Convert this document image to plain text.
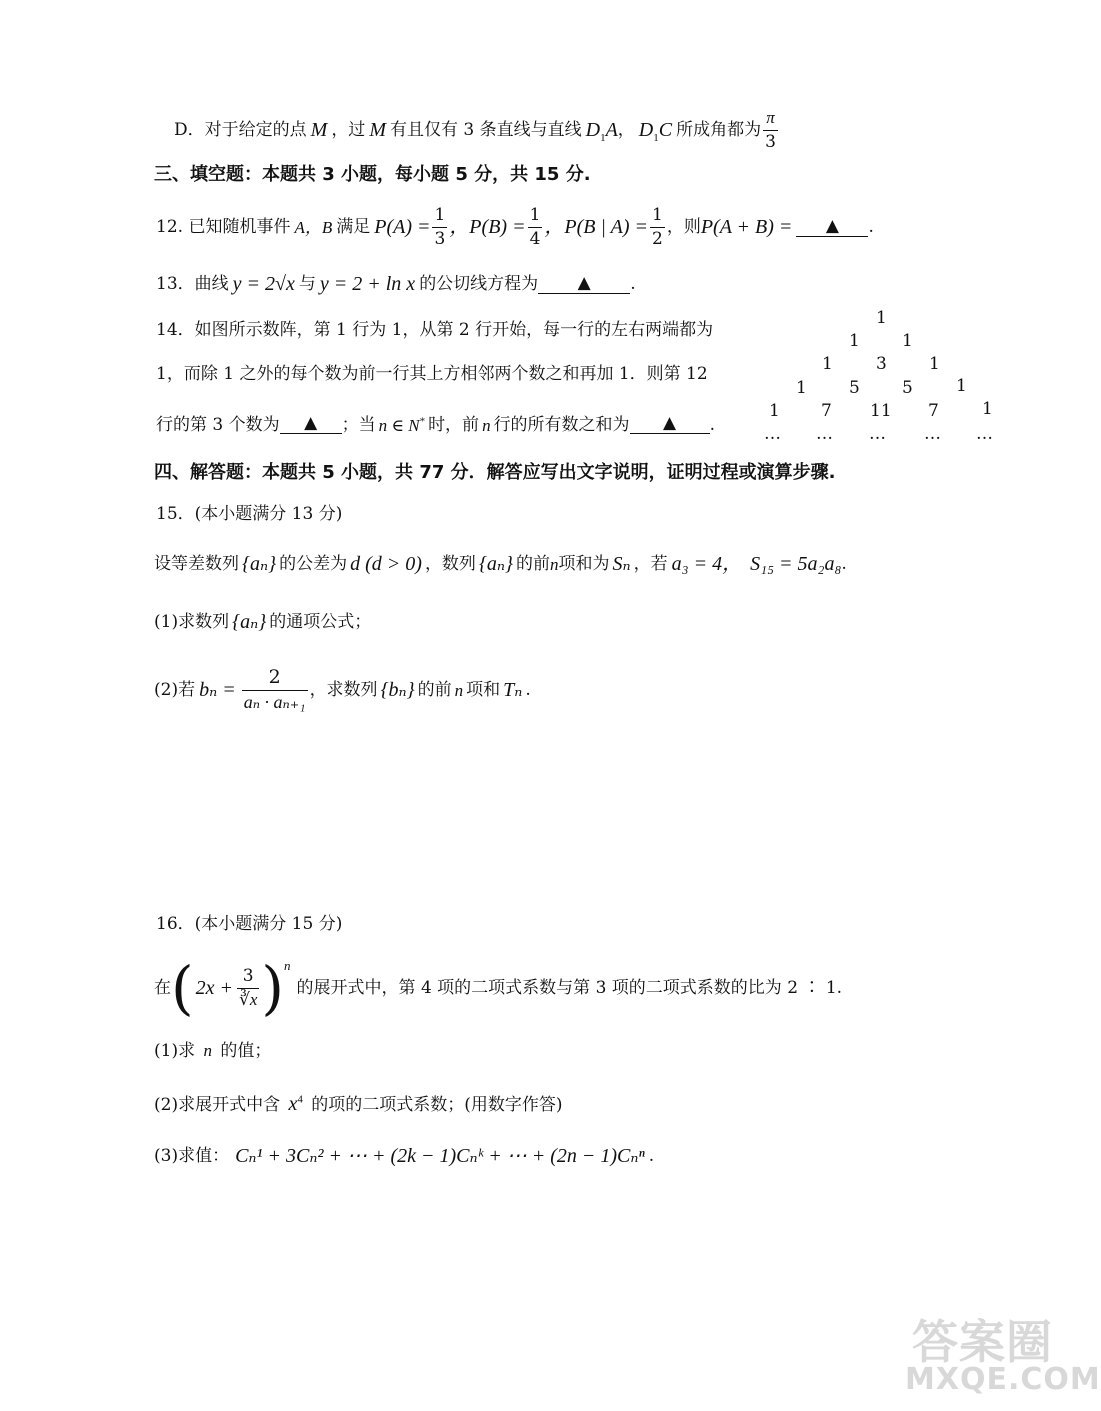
D．对于给定的点 M ，过 M 有且仅有 3 条直线与直线 $D_1A$ ， $D_1C$ 所成角都为 $\frac{\pi}{3}$
三、填空题：本题共 3 小题，每小题 5 分，共 15 分.
12. 已知随机事件 A，B 满足 $P(A) = \frac{1}{3}$ ，$P(B) = \frac{1}{4}$ ，P(B | $A) = \frac{1}{2}$ ，则 P(A + B) =	▲	.
13．曲线 y = 2√x 与 y = 2 + ln x 的公切线方程为	▲	.
14．如图所示数阵，第 1 行为 1，从第 2 行开始，每一行的左右两端都为
1，而除 1 之外的每个数为前一行其上方相邻两个数之和再加 1．则第 12
行的第 3 个数为	▲	；当 n ∈ N* 时，前 n 行的所有数之和为	▲	.
1
1 1
1	3 1
1 5 5	1
1 7 11 7	1
… … … … …
四、解答题：本题共 5 小题，共 77 分．解答应写出文字说明，证明过程或演算步骤.
15．(本小题满分 13 分)
设等差数列 {aₙ} 的公差为 d (d > 0) ，数列 {aₙ} 的前 n 项和为 Sₙ ，若 a₃ = 4， S₁₅ = 5a₂a₈ .
(1)求数列 {aₙ} 的通项公式；
(2)若 $b_n = \frac{2}{\text{aₙ · aₙ₊₁}}$ ，求数列 {bₙ} 的前 n 项和 Tₙ .
16．(本小题满分 15 分)
在 ( $2x + \frac{3}{∛x}$ ) n
的展开式中，第 4 项的二项式系数与第 3 项的二项式系数的比为 2 ∶ 1.
(1)求 n 的值；
(2)求展开式中含 $x^4$ 的项的二项式系数；(用数字作答)
(3)求值： Cₙ¹ + 3Cₙ² + ⋯ + (2k − 1)Cₙᵏ + ⋯ + (2n − 1)Cₙⁿ .
答案圈
MXQE.COM
